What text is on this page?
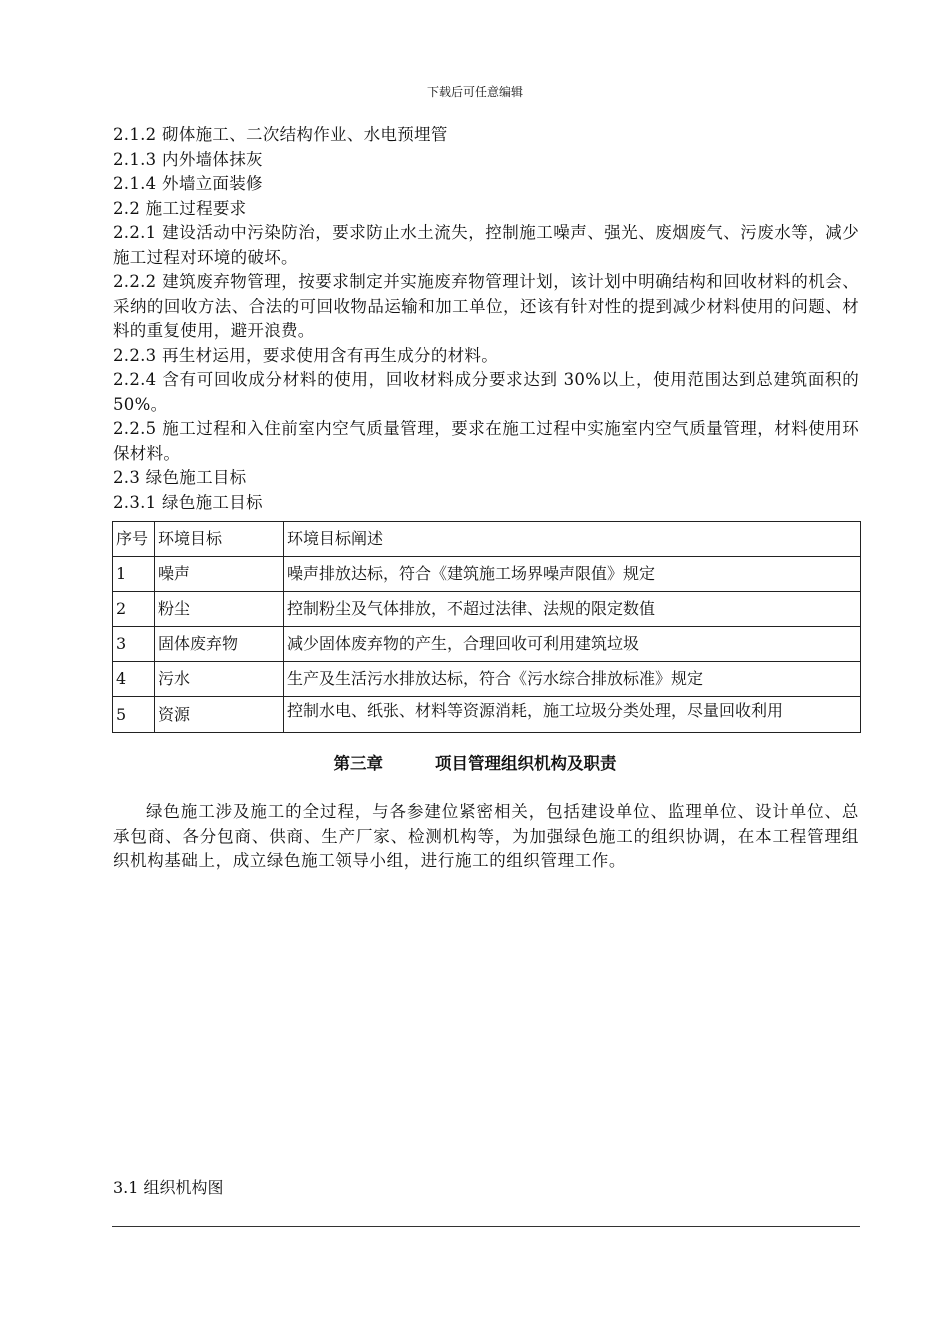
下载后可任意编辑

2.1.2 砌体施工、二次结构作业、水电预埋管

2.1.3 内外墙体抹灰

2.1.4 外墙立面装修

2.2 施工过程要求

2.2.1 建设活动中污染防治，要求防止水土流失，控制施工噪声、强光、废烟废气、污废水等，减少施工过程对环境的破坏。

2.2.2 建筑废弃物管理，按要求制定并实施废弃物管理计划，该计划中明确结构和回收材料的机会、采纳的回收方法、合法的可回收物品运输和加工单位，还该有针对性的提到减少材料使用的问题、材料的重复使用，避开浪费。

2.2.3 再生材运用，要求使用含有再生成分的材料。

2.2.4 含有可回收成分材料的使用，回收材料成分要求达到 30%以上，使用范围达到总建筑面积的 50%。

2.2.5 施工过程和入住前室内空气质量管理，要求在施工过程中实施室内空气质量管理，材料使用环保材料。

2.3 绿色施工目标

2.3.1 绿色施工目标

序号	环境目标	环境目标阐述
1	噪声	噪声排放达标，符合《建筑施工场界噪声限值》规定
2	粉尘	控制粉尘及气体排放，不超过法律、法规的限定数值
3	固体废弃物	减少固体废弃物的产生，合理回收可利用建筑垃圾
4	污水	生产及生活污水排放达标，符合《污水综合排放标准》规定
5	资源	控制水电、纸张、材料等资源消耗，施工垃圾分类处理，尽量回收利用
第三章	项目管理组织机构及职责

绿色施工涉及施工的全过程，与各参建位紧密相关，包括建设单位、监理单位、设计单位、总承包商、各分包商、供商、生产厂家、检测机构等，为加强绿色施工的组织协调，在本工程管理组织机构基础上，成立绿色施工领导小组，进行施工的组织管理工作。

3.1 组织机构图
